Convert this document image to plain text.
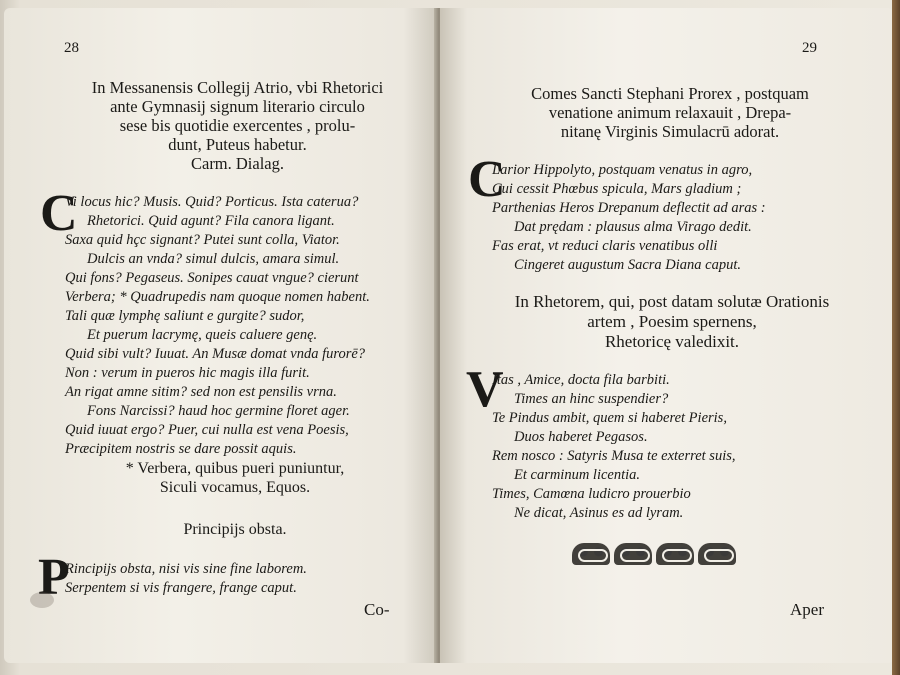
28
In Messanensis Collegij Atrio, vbi Rhetorici
ante Gymnasij signum literario circulo
sese bis quotidie exercentes , prolu-
dunt, Puteus habetur.
Carm. Dialag.
C
Vi locus hic? Musis. Quid? Porticus. Ista caterua?
Rhetorici. Quid agunt? Fila canora ligant.
Saxa quid hçc signant? Putei sunt colla, Viator.
Dulcis an vnda? simul dulcis, amara simul.
Qui fons? Pegaseus. Sonipes cauat vngue? cierunt
Verbera; * Quadrupedis nam quoque nomen habent.
Tali quæ lymphę saliunt e gurgite? sudor,
Et puerum lacrymę, queis caluere genę.
Quid sibi vult? Iuuat. An Musæ domat vnda furorē?
Non : verum in pueros hic magis illa furit.
An rigat amne sitim? sed non est pensilis vrna.
Fons Narcissi? haud hoc germine floret ager.
Quid iuuat ergo? Puer, cui nulla est vena Poesis,
Præcipitem nostris se dare possit aquis.
* Verbera, quibus pueri puniuntur,
Siculi vocamus, Equos.
Principijs obsta.
P
Rincipijs obsta, nisi vis sine fine laborem.
Serpentem si vis frangere, frange caput.
Co-
29
Comes Sancti Stephani Prorex , postquam
venatione animum relaxauit , Drepa-
nitanę Virginis Simulacrū adorat.
C
Larior Hippolyto, postquam venatus in agro,
Cui cessit Phœbus spicula, Mars gladium ;
Parthenias Heros Drepanum deflectit ad aras :
Dat prędam : plausus alma Virago dedit.
Fas erat, vt reduci claris venatibus olli
Cingeret augustum Sacra Diana caput.
In Rhetorem, qui, post datam solutæ Orationis
artem , Poesim spernens,
Rhetoricę valedixit.
V
Itas , Amice, docta fila barbiti.
Times an hinc suspendier?
Te Pindus ambit, quem si haberet Pieris,
Duos haberet Pegasos.
Rem nosco : Satyris Musa te exterret suis,
Et carminum licentia.
Times, Camœna ludicro prouerbio
Ne dicat, Asinus es ad lyram.
Aper
